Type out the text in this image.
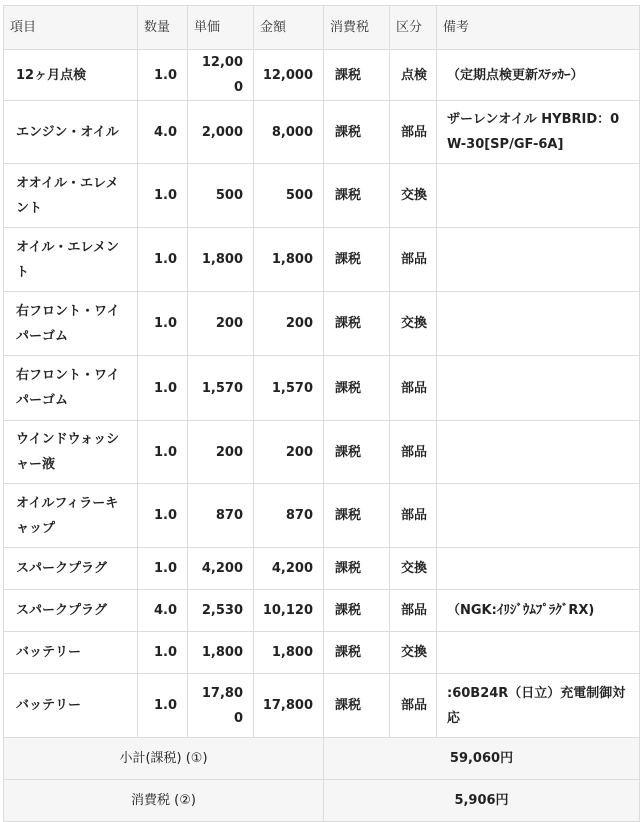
項目	数量	単価	金額	消費税	区分	備考
12ヶ月点検	1.0	12,000	12,000	課税	点検	（定期点検更新ｽﾃｯｶｰ）
エンジン・オイル	4.0	2,000	8,000	課税	部品	ザーレンオイル HYBRID：0W-30[SP/GF-6A]
オオイル・エレメント	1.0	500	500	課税	交換	
オイル・エレメント	1.0	1,800	1,800	課税	部品	
右フロント・ワイパーゴム	1.0	200	200	課税	交換	
右フロント・ワイパーゴム	1.0	1,570	1,570	課税	部品	
ウインドウォッシャー液	1.0	200	200	課税	部品	
オイルフィラーキャップ	1.0	870	870	課税	部品	
スパークプラグ	1.0	4,200	4,200	課税	交換	
スパークプラグ	4.0	2,530	10,120	課税	部品	（NGK:ｲﾘｼﾞｳﾑﾌﾟﾗｸﾞRX)
バッテリー	1.0	1,800	1,800	課税	交換	
バッテリー	1.0	17,800	17,800	課税	部品	:60B24R（日立）充電制御対応
小計(課税) (①)				59,060円		
消費税 (②)				5,906円		
